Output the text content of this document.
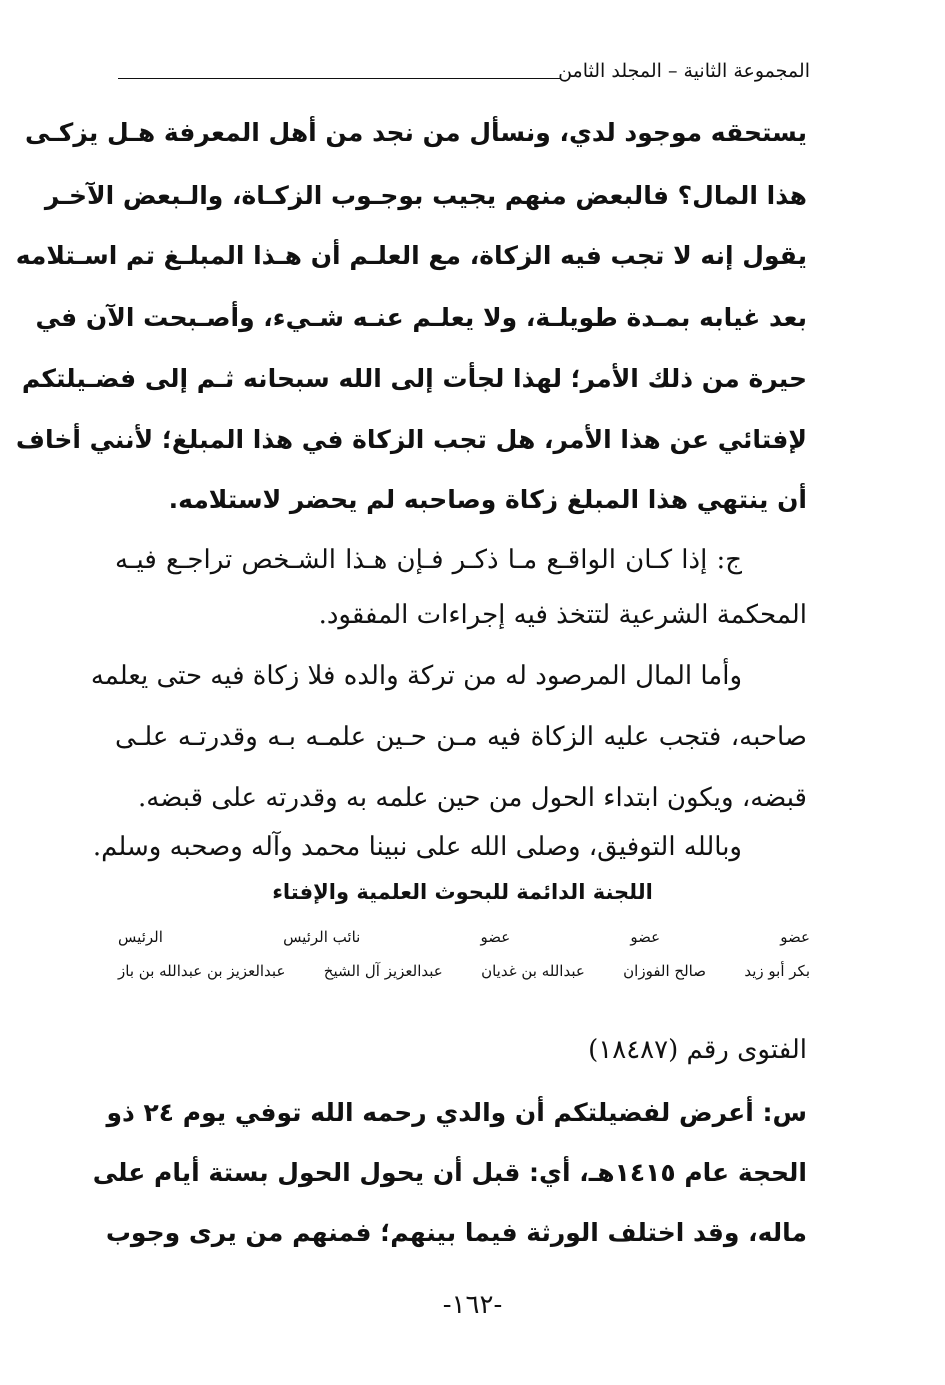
المجموعة الثانية – المجلد الثامن
يستحقه موجود لدي، ونسأل من نجد من أهل المعرفة هـل يزكـى
هذا المال؟ فالبعض منهم يجيب بوجـوب الزكـاة، والـبعض الآخـر
يقول إنه لا تجب فيه الزكاة، مع العلـم أن هـذا المبلـغ تم اسـتلامه
بعد غيابه بمـدة طويلـة، ولا يعلـم عنـه شـيء، وأصـبحت الآن في
حيرة من ذلك الأمر؛ لهذا لجأت إلى الله سبحانه ثـم إلى فضـيلتكم
لإفتائي عن هذا الأمر، هل تجب الزكاة في هذا المبلغ؛ لأنني أخاف
أن ينتهي هذا المبلغ زكاة وصاحبه لم يحضر لاستلامه.
ج: إذا كـان الواقـع مـا ذكـر فـإن هـذا الشـخص تراجـع فيـه
المحكمة الشرعية لتتخذ فيه إجراءات المفقود.
وأما المال المرصود له من تركة والده فلا زكاة فيه حتى يعلمه
صاحبه، فتجب عليه الزكاة فيه مـن حـين علمـه بـه وقدرتـه علـى
قبضه، ويكون ابتداء الحول من حين علمه به وقدرته على قبضه.
وبالله التوفيق، وصلى الله على نبينا محمد وآله وصحبه وسلم.
اللجنة الدائمة للبحوث العلمية والإفتاء
عضو
عضو
عضو
نائب الرئيس
الرئيس
بكر أبو زيد
صالح الفوزان
عبدالله بن غديان
عبدالعزيز آل الشيخ
عبدالعزيز بن عبدالله بن باز
الفتوى رقم (١٨٤٨٧)
س: أعرض لفضيلتكم أن والدي رحمه الله توفي يوم ٢٤ ذو
الحجة عام ١٤١٥هـ، أي: قبل أن يحول الحول بستة أيام على
ماله، وقد اختلف الورثة فيما بينهم؛ فمنهم من يرى وجوب
-١٦٢-
